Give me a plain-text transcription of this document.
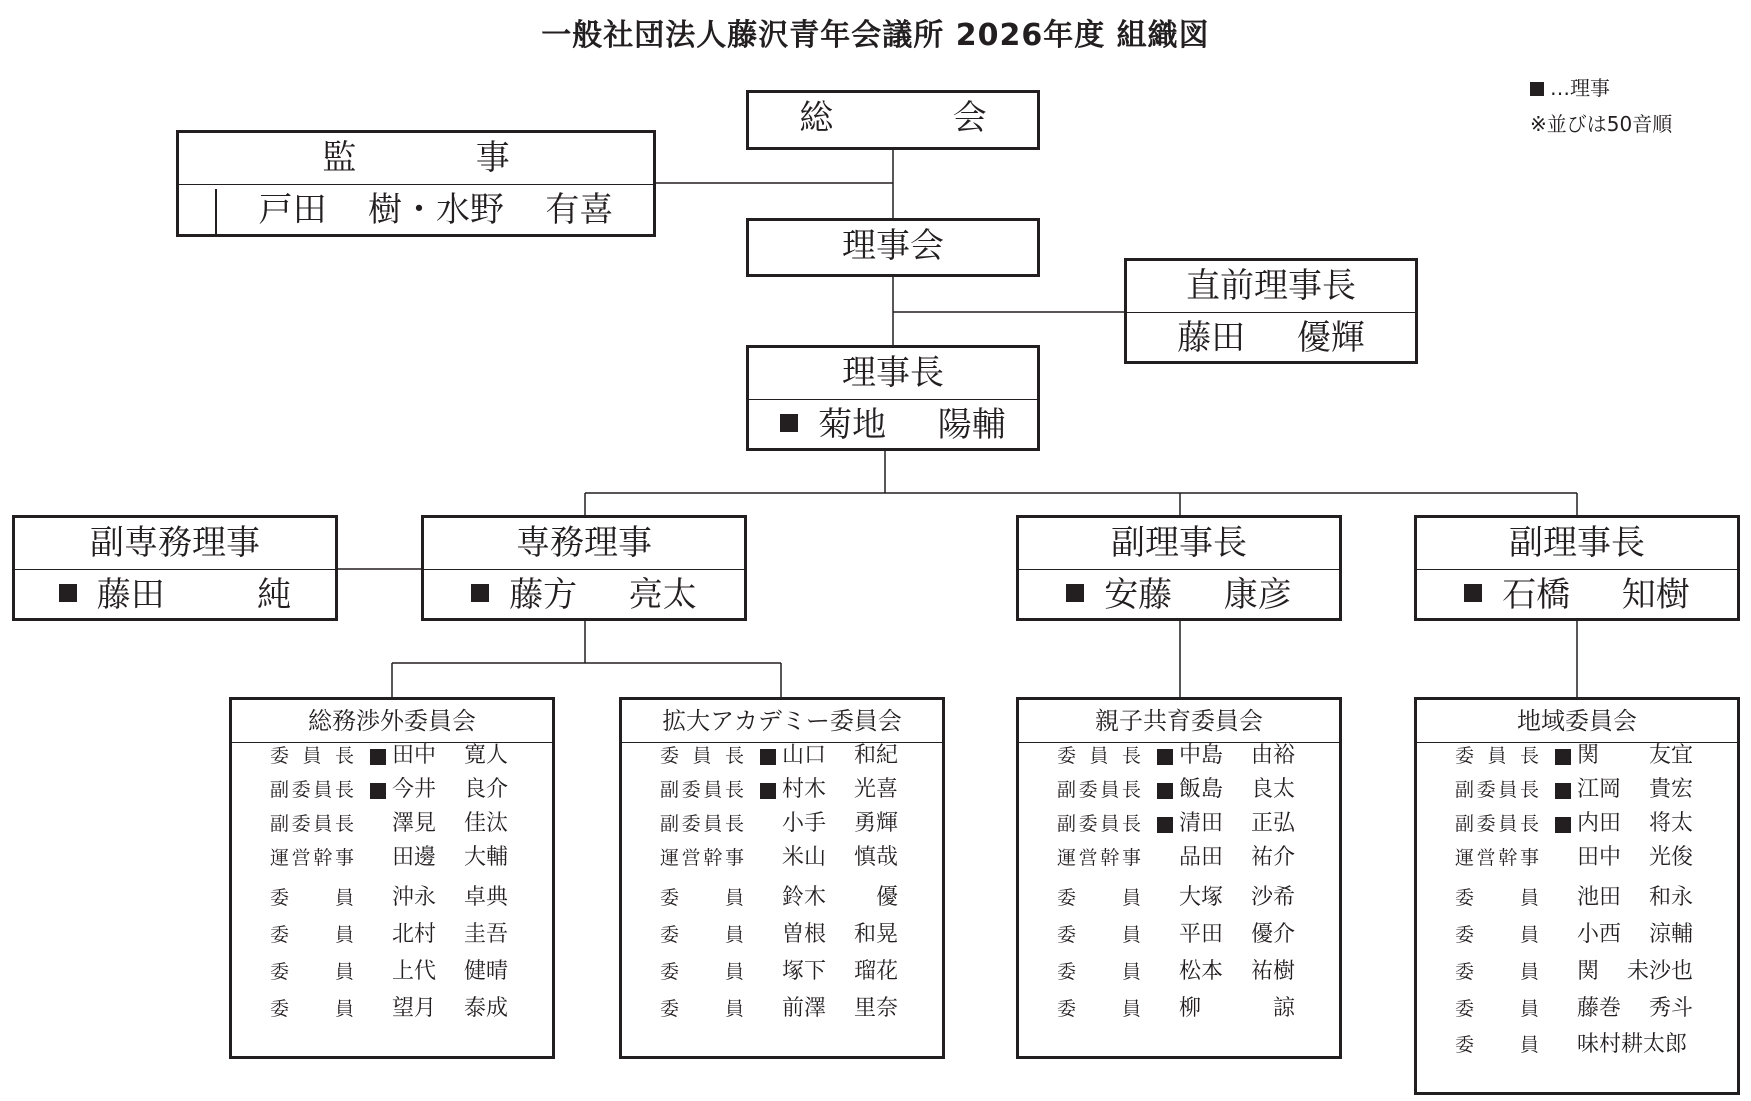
一般社団法人藤沢青年会議所 2026年度 組織図
…理事
※並びは50音順
総 会
監 事
戸田 樹・水野 有喜
理事会
直前理事長
藤田 優輝
理事長
菊地 陽輔
副専務理事
藤田 純
専務理事
藤方 亮太
副理事長
安藤 康彦
副理事長
石橋 知樹
総務渉外委員会
委員長 田中 寛人
副委員長 今井 良介
副委員長 澤見 佳汰
運営幹事 田邊 大輔
委員 沖永 卓典
委員 北村 圭吾
委員 上代 健晴
委員 望月 泰成
拡大アカデミー委員会
委員長 山口 和紀
副委員長 村木 光喜
副委員長 小手 勇輝
運営幹事 米山 慎哉
委員 鈴木 優
委員 曽根 和晃
委員 塚下 瑠花
委員 前澤 里奈
親子共育委員会
委員長 中島 由裕
副委員長 飯島 良太
副委員長 清田 正弘
運営幹事 品田 祐介
委員 大塚 沙希
委員 平田 優介
委員 松本 祐樹
委員 柳	諒
地域委員会
委員長 関 友宜
副委員長 江岡 貴宏
副委員長 内田 将太
運営幹事 田中 光俊
委員 池田 和永
委員 小西 涼輔
委員 関 未沙也
委員 藤巻 秀斗
委員 味村耕太郎
